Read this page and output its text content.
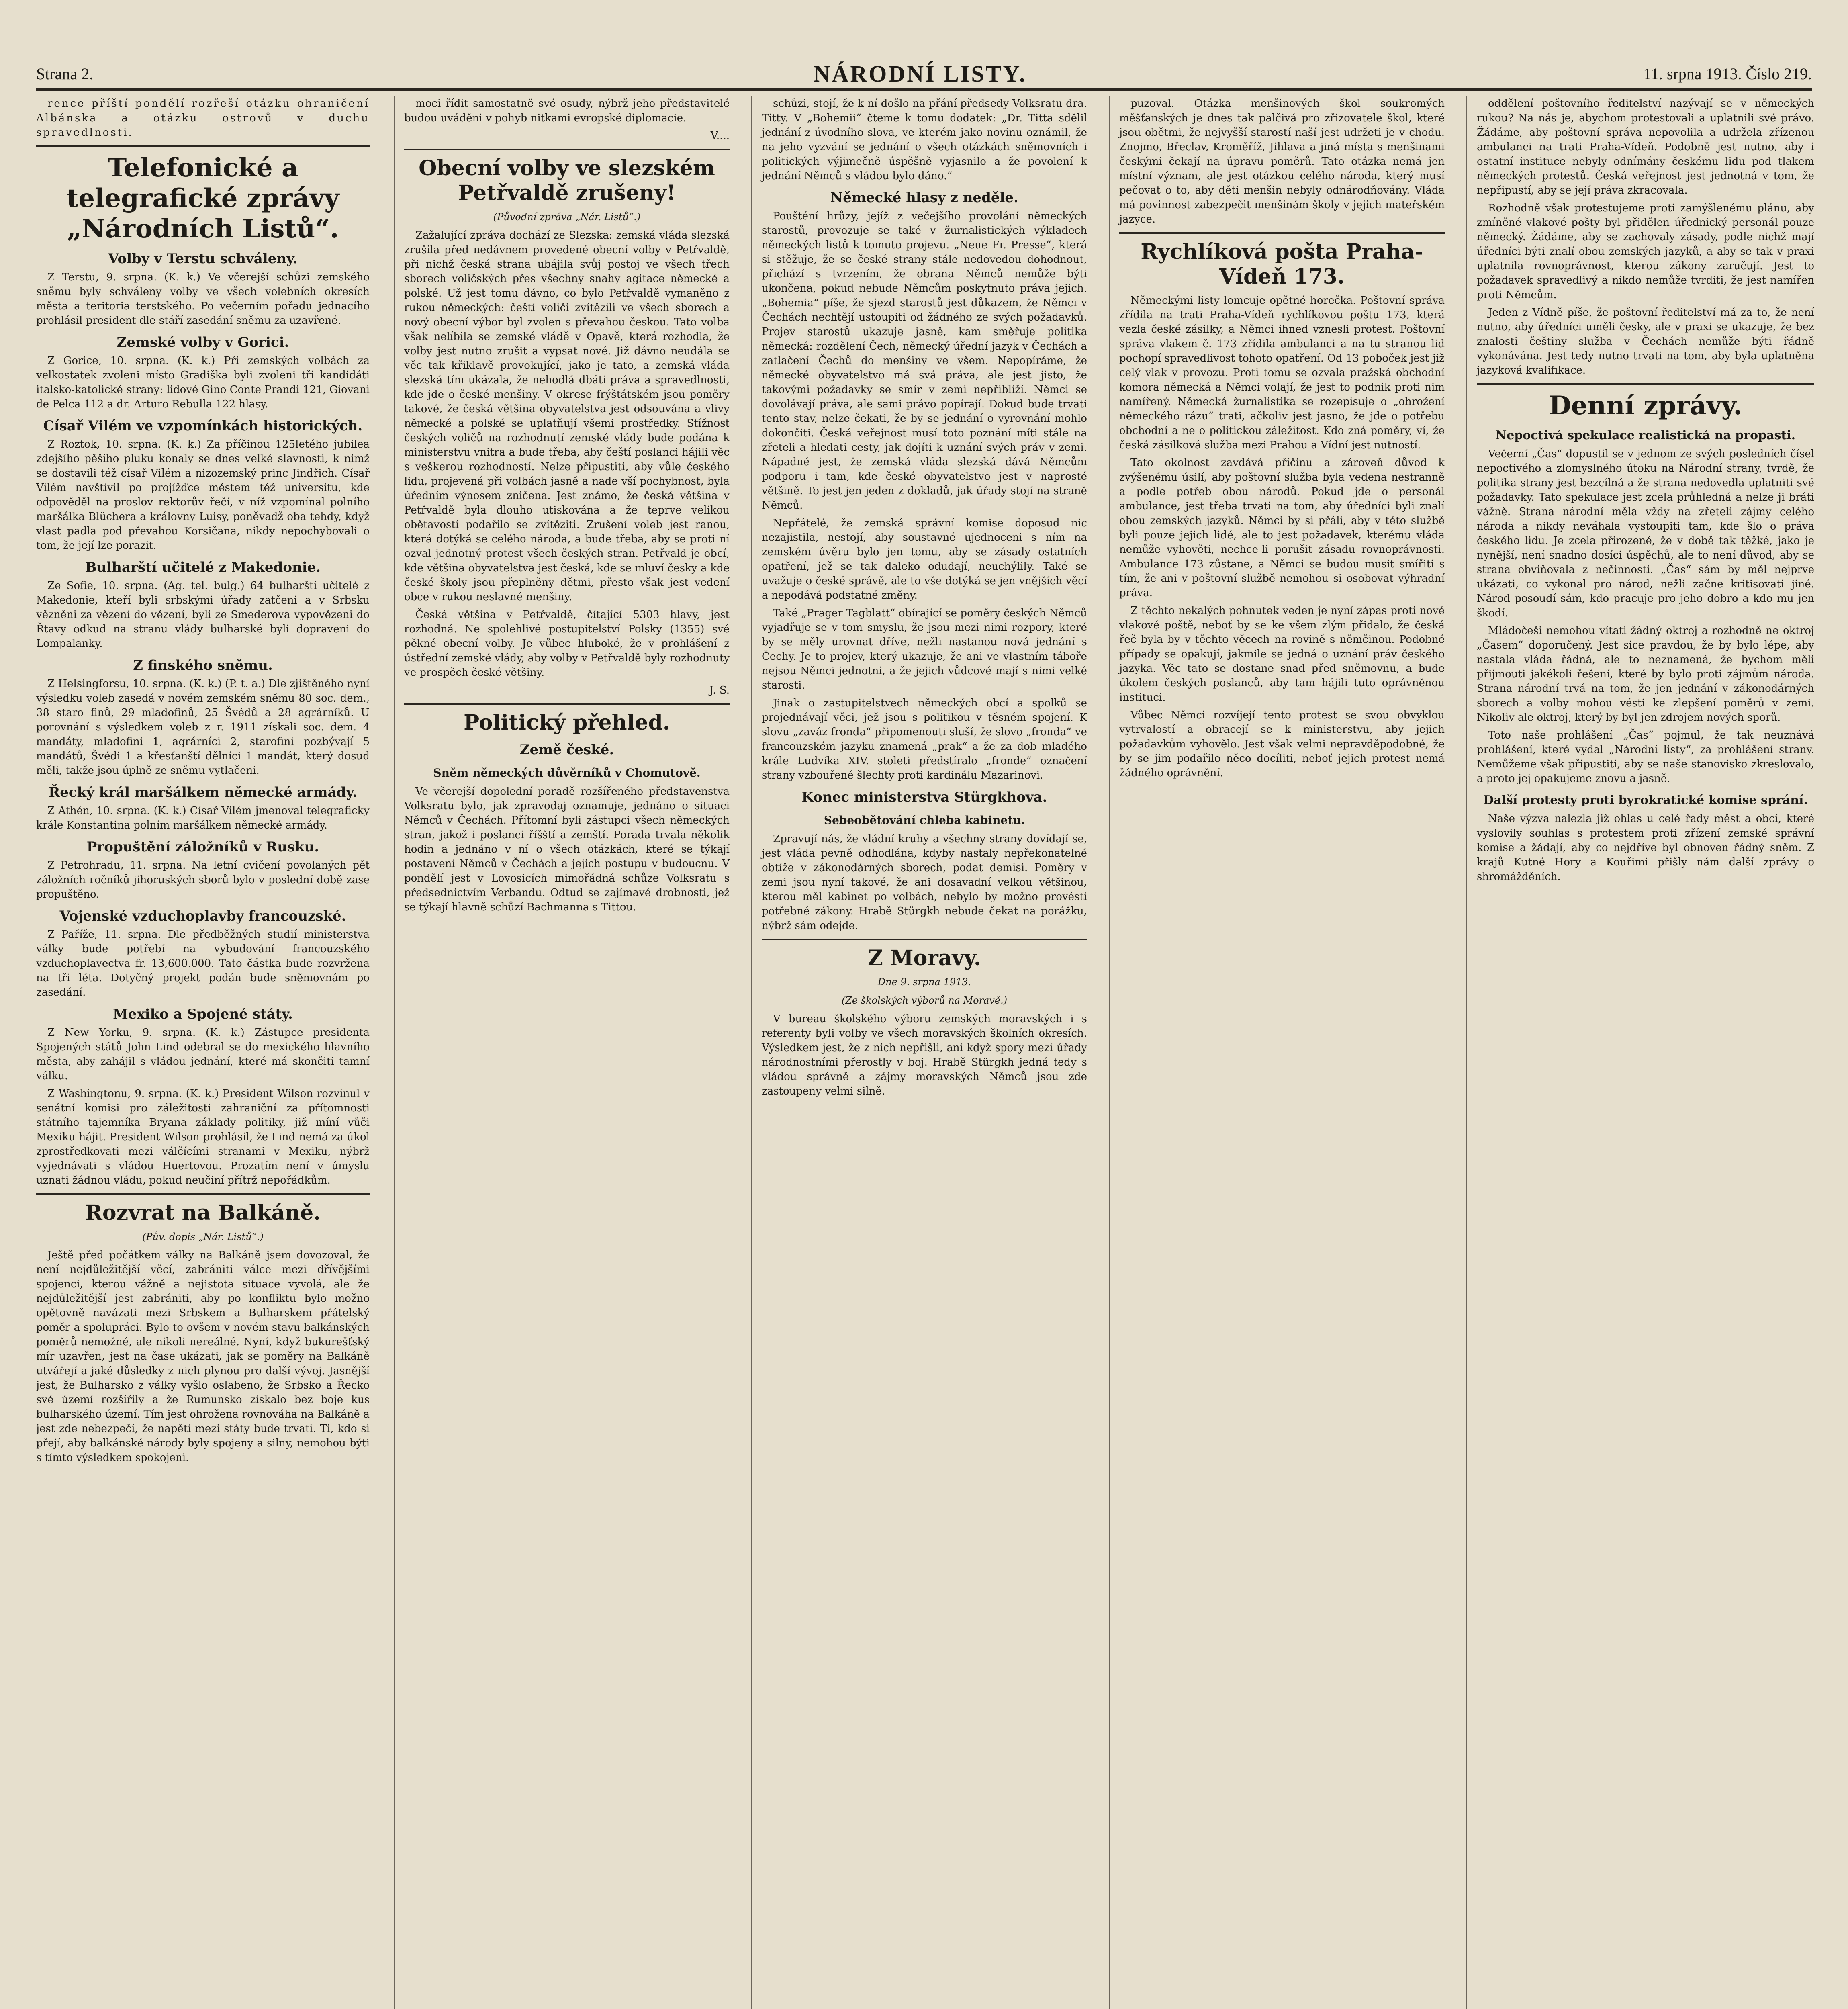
Strana 2.	NÁRODNÍ LISTY.	11. srpna 1913. Číslo 219.

rence příští pondělí rozřeší otázku ohraničení Albánska a otázku ostrovů v duchu spravedlnosti.

Telefonické a telegrafické zprávy „Národních Listů“.
Volby v Terstu schváleny.

Z Terstu, 9. srpna. (K. k.) Ve včerejší schůzi zemského sněmu byly schváleny volby ve všech volebních okresích města a teritoria terstského. Po večerním pořadu jednacího prohlásil president dle stáří zasedání sněmu za uzavřené.

Zemské volby v Gorici.

Z Gorice, 10. srpna. (K. k.) Při zemských volbách za velkostatek zvoleni místo Gradiška byli zvoleni tři kandidáti italsko-katolické strany: lidové Gino Conte Prandi 121, Giovani de Pelca 112 a dr. Arturo Rebulla 122 hlasy.

Císař Vilém ve vzpomínkách historických.

Z Roztok, 10. srpna. (K. k.) Za příčinou 125letého jubilea zdejšího pěšího pluku konaly se dnes velké slavnosti, k nimž se dostavili též císař Vilém a nizozemský princ Jindřich. Císař Vilém navštívil po projížďce městem též universitu, kde odpověděl na proslov rektorův řečí, v níž vzpomínal polního maršálka Blüchera a královny Luisy, poněvadž oba tehdy, když vlast padla pod převahou Korsičana, nikdy nepochybovali o tom, že její lze porazit.

Bulharští učitelé z Makedonie.

Ze Sofie, 10. srpna. (Ag. tel. bulg.) 64 bulharští učitelé z Makedonie, kteří byli srbskými úřady zatčeni a v Srbsku vězněni za vězení do vězení, byli ze Smederova vypovězeni do Řtavy odkud na stranu vlády bulharské byli dopraveni do Lompalanky.

Z finského sněmu.

Z Helsingforsu, 10. srpna. (K. k.) (P. t. a.) Dle zjištěného nyní výsledku voleb zasedá v novém zemském sněmu 80 soc. dem., 38 staro finů, 29 mladofinů, 25 Švédů a 28 agrárníků. U porovnání s výsledkem voleb z r. 1911 získali soc. dem. 4 mandáty, mladofini 1, agrárníci 2, starofini pozbývají 5 mandátů, Švédi 1 a křesťanští dělníci 1 mandát, který dosud měli, takže jsou úplně ze sněmu vytlačeni.

Řecký král maršálkem německé armády.

Z Athén, 10. srpna. (K. k.) Císař Vilém jmenoval telegraficky krále Konstantina polním maršálkem německé armády.

Propuštění záložníků v Rusku.

Z Petrohradu, 11. srpna. Na letní cvičení povolaných pět záložních ročníků jihoruských sborů bylo v poslední době zase propuštěno.

Vojenské vzduchoplavby francouzské.

Z Paříže, 11. srpna. Dle předběžných studií ministerstva války bude potřebí na vybudování francouzského vzduchoplavectva fr. 13,600.000. Tato částka bude rozvržena na tři léta. Dotyčný projekt podán bude sněmovnám po zasedání.

Mexiko a Spojené státy.

Z New Yorku, 9. srpna. (K. k.) Zástupce presidenta Spojených států John Lind odebral se do mexického hlavního města, aby zahájil s vládou jednání, které má skončiti tamní válku.

Z Washingtonu, 9. srpna. (K. k.) President Wilson rozvinul v senátní komisi pro záležitosti zahraniční za přítomnosti státního tajemníka Bryana základy politiky, již míní vůči Mexiku hájit. President Wilson prohlásil, že Lind nemá za úkol zprostředkovati mezi válčícími stranami v Mexiku, nýbrž vyjednávati s vládou Huertovou. Prozatím není v úmyslu uznati žádnou vládu, pokud neučiní přítrž nepořádkům.

Rozvrat na Balkáně.
(Pův. dopis „Nár. Listů“.)

Ještě před počátkem války na Balkáně jsem dovozoval, že není nejdůležitější věcí, zabrániti válce mezi dřívějšími spojenci, kterou vážně a nejistota situace vyvolá, ale že nejdůležitější jest zabrániti, aby po konfliktu bylo možno opětovně navázati mezi Srbskem a Bulharskem přátelský poměr a spolupráci. Bylo to ovšem v novém stavu balkánských poměrů nemožné, ale nikoli nereálné. Nyní, když bukurešťský mír uzavřen, jest na čase ukázati, jak se poměry na Balkáně utvářejí a jaké důsledky z nich plynou pro další vývoj. Jasnější jest, že Bulharsko z války vyšlo oslabeno, že Srbsko a Řecko své území rozšířily a že Rumunsko získalo bez boje kus bulharského území. Tím jest ohrožena rovnováha na Balkáně a jest zde nebezpečí, že napětí mezi státy bude trvati. Ti, kdo si přejí, aby balkánské národy byly spojeny a silny, nemohou býti s tímto výsledkem spokojeni.

moci řídit samostatně své osudy, nýbrž jeho představitelé budou uváděni v pohyb nitkami evropské diplomacie.

V....
Obecní volby ve slezském Petřvaldě zrušeny!
(Původní zpráva „Nár. Listů“.)

Zažalující zpráva dochází ze Slezska: zemská vláda slezská zrušila před nedávnem provedené obecní volby v Petřvaldě, při nichž česká strana ubájila svůj postoj ve všech třech sborech voličských přes všechny snahy agitace německé a polské. Už jest tomu dávno, co bylo Petřvaldě vymaněno z rukou německých: čeští voliči zvítězili ve všech sborech a nový obecní výbor byl zvolen s převahou českou. Tato volba však nelíbila se zemské vládě v Opavě, která rozhodla, že volby jest nutno zrušit a vypsat nové. Již dávno neudála se věc tak křiklavě provokující, jako je tato, a zemská vláda slezská tím ukázala, že nehodlá dbáti práva a spravedlnosti, kde jde o české menšiny. V okrese frýštátském jsou poměry takové, že česká většina obyvatelstva jest odsouvána a vlivy německé a polské se uplatňují všemi prostředky. Stížnost českých voličů na rozhodnutí zemské vlády bude podána k ministerstvu vnitra a bude třeba, aby čeští poslanci hájili věc s veškerou rozhodností. Nelze připustiti, aby vůle českého lidu, projevená při volbách jasně a nade vší pochybnost, byla úředním výnosem zničena. Jest známo, že česká většina v Petřvaldě byla dlouho utiskována a že teprve velikou obětavostí podařilo se zvítěziti. Zrušení voleb jest ranou, která dotýká se celého národa, a bude třeba, aby se proti ní ozval jednotný protest všech českých stran. Petřvald je obcí, kde většina obyvatelstva jest česká, kde se mluví česky a kde české školy jsou přeplněny dětmi, přesto však jest vedení obce v rukou neslavné menšiny.

Česká většina v Petřvaldě, čítající 5303 hlavy, jest rozhodná. Ne spolehlivé postupitelství Polsky (1355) své pěkné obecní volby. Je vůbec hluboké, že v prohlášení z ústřední zemské vlády, aby volby v Petřvaldě byly rozhodnuty ve prospěch české většiny.

J. S.
Politický přehled.
Země české.
Sněm německých důvěrníků v Chomutově.

Ve včerejší dopolední poradě rozšířeného představenstva Volksratu bylo, jak zpravodaj oznamuje, jednáno o situaci Němců v Čechách. Přítomní byli zástupci všech německých stran, jakož i poslanci říšští a zemští. Porada trvala několik hodin a jednáno v ní o všech otázkách, které se týkají postavení Němců v Čechách a jejich postupu v budoucnu. V pondělí jest v Lovosicích mimořádná schůze Volksratu s předsednictvím Verbandu. Odtud se zajímavé drobnosti, jež se týkají hlavně schůzí Bachmanna s Tittou.

schůzi, stojí, že k ní došlo na přání předsedy Volksratu dra. Titty. V „Bohemii“ čteme k tomu dodatek: „Dr. Titta sdělil jednání z úvodního slova, ve kterém jako novinu oznámil, že na jeho vyzvání se jednání o všech otázkách sněmovních i politických výjimečně úspěšně vyjasnilo a že povolení k jednání Němců s vládou bylo dáno.“

Německé hlasy z neděle.

Poušténí hrůzy, jejíž z večejšího provolání německých starostů, provozuje se také v žurnalistických výkladech německých listů k tomuto projevu. „Neue Fr. Presse“, která si stěžuje, že se české strany stále nedovedou dohodnout, přichází s tvrzením, že obrana Němců nemůže býti ukončena, pokud nebude Němcům poskytnuto práva jejich. „Bohemia“ píše, že sjezd starostů jest důkazem, že Němci v Čechách nechtějí ustoupiti od žádného ze svých požadavků. Projev starostů ukazuje jasně, kam směřuje politika německá: rozdělení Čech, německý úřední jazyk v Čechách a zatlačení Čechů do menšiny ve všem. Nepopíráme, že německé obyvatelstvo má svá práva, ale jest jisto, že takovými požadavky se smír v zemi nepřiblíží. Němci se dovolávají práva, ale sami právo popírají. Dokud bude trvati tento stav, nelze čekati, že by se jednání o vyrovnání mohlo dokončiti. Česká veřejnost musí toto poznání míti stále na zřeteli a hledati cesty, jak dojíti k uznání svých práv v zemi. Nápadné jest, že zemská vláda slezská dává Němcům podporu i tam, kde české obyvatelstvo jest v naprosté většině. To jest jen jeden z dokladů, jak úřady stojí na straně Němců.

Nepřátelé, že zemská správní komise doposud nic nezajistila, nestojí, aby soustavné ujednoceni s ním na zemském úvěru bylo jen tomu, aby se zásady ostatních opatření, jež se tak daleko odudají, neuchýlily. Také se uvažuje o české správě, ale to vše dotýká se jen vnějších věcí a nepodává podstatné změny.

Také „Prager Tagblatt“ obírající se poměry českých Němců vyjadřuje se v tom smyslu, že jsou mezi nimi rozpory, které by se měly urovnat dříve, nežli nastanou nová jednání s Čechy. Je to projev, který ukazuje, že ani ve vlastním táboře nejsou Němci jednotni, a že jejich vůdcové mají s nimi velké starosti.

Jinak o zastupitelstvech německých obcí a spolků se projednávají věci, jež jsou s politikou v těsném spojení. K slovu „zaváz fronda“ připomenouti sluší, že slovo „fronda“ ve francouzském jazyku znamená „prak“ a že za dob mladého krále Ludvíka XIV. stoleti předstíralo „fronde“ označení strany vzbouřené šlechty proti kardinálu Mazarinovi.

Konec ministerstva Stürgkhova.
Sebeobětování chleba kabinetu.

Zpravují nás, že vládní kruhy a všechny strany dovídají se, jest vláda pevně odhodlána, kdyby nastaly nepřekonatelné obtíže v zákonodárných sborech, podat demisi. Poměry v zemi jsou nyní takové, že ani dosavadní velkou většinou, kterou měl kabinet po volbách, nebylo by možno provésti potřebné zákony. Hrabě Stürgkh nebude čekat na porážku, nýbrž sám odejde.

Z Moravy.
Dne 9. srpna 1913.
(Ze školských výborů na Moravě.)

V bureau školského výboru zemských moravských i s referenty byli volby ve všech moravských školních okresích. Výsledkem jest, že z nich nepřišli, ani když spory mezi úřady národnostními přerostly v boj. Hrabě Stürgkh jedná tedy s vládou správně a zájmy moravských Němců jsou zde zastoupeny velmi silně.

puzoval. Otázka menšinových škol soukromých měšťanských je dnes tak palčivá pro zřizovatele škol, které jsou obětmi, že nejvyšší starostí naší jest udržeti je v chodu. Znojmo, Břeclav, Kroměříž, Jihlava a jiná místa s menšinami českými čekají na úpravu poměrů. Tato otázka nemá jen místní význam, ale jest otázkou celého národa, který musí pečovat o to, aby děti menšin nebyly odnárodňovány. Vláda má povinnost zabezpečit menšinám školy v jejich mateřském jazyce.

Rychlíková pošta Praha-Vídeň 173.

Německými listy lomcuje opětné horečka. Poštovní správa zřídila na trati Praha-Vídeň rychlíkovou poštu 173, která vezla české zásilky, a Němci ihned vznesli protest. Poštovní správa vlakem č. 173 zřídila ambulanci a na tu stranou lid pochopí spravedlivost tohoto opatření. Od 13 poboček jest již celý vlak v provozu. Proti tomu se ozvala pražská obchodní komora německá a Němci volají, že jest to podnik proti nim namířený. Německá žurnalistika se rozepisuje o „ohrožení německého rázu“ trati, ačkoliv jest jasno, že jde o potřebu obchodní a ne o politickou záležitost. Kdo zná poměry, ví, že česká zásilková služba mezi Prahou a Vídní jest nutností.

Tato okolnost zavdává příčinu a zároveň důvod k zvýšenému úsilí, aby poštovní služba byla vedena nestranně a podle potřeb obou národů. Pokud jde o personál ambulance, jest třeba trvati na tom, aby úředníci byli znalí obou zemských jazyků. Němci by si přáli, aby v této službě byli pouze jejich lidé, ale to jest požadavek, kterému vláda nemůže vyhověti, nechce-li porušit zásadu rovnoprávnosti. Ambulance 173 zůstane, a Němci se budou musit smířiti s tím, že ani v poštovní službě nemohou si osobovat výhradní práva.

Z těchto nekalých pohnutek veden je nyní zápas proti nové vlakové poště, neboť by se ke všem zlým přidalo, že česká řeč byla by v těchto věcech na rovině s němčinou. Podobné případy se opakují, jakmile se jedná o uznání práv českého jazyka. Věc tato se dostane snad před sněmovnu, a bude úkolem českých poslanců, aby tam hájili tuto oprávněnou instituci.

Vůbec Němci rozvíjejí tento protest se svou obvyklou vytrvalostí a obracejí se k ministerstvu, aby jejich požadavkům vyhovělo. Jest však velmi nepravděpodobné, že by se jim podařilo něco docíliti, neboť jejich protest nemá žádného oprávnění.

oddělení poštovního ředitelství nazývají se v německých rukou? Na nás je, abychom protestovali a uplatnili své právo. Žádáme, aby poštovní správa nepovolila a udržela zřízenou ambulanci na trati Praha-Vídeň. Podobně jest nutno, aby i ostatní instituce nebyly odnímány českému lidu pod tlakem německých protestů. Česká veřejnost jest jednotná v tom, že nepřipustí, aby se její práva zkracovala.

Rozhodně však protestujeme proti zamýšlenému plánu, aby zmíněné vlakové pošty byl přidělen úřednický personál pouze německý. Žádáme, aby se zachovaly zásady, podle nichž mají úředníci býti znalí obou zemských jazyků, a aby se tak v praxi uplatnila rovnoprávnost, kterou zákony zaručují. Jest to požadavek spravedlivý a nikdo nemůže tvrditi, že jest namířen proti Němcům.

Jeden z Vídně píše, že poštovní ředitelství má za to, že není nutno, aby úředníci uměli česky, ale v praxi se ukazuje, že bez znalosti češtiny služba v Čechách nemůže býti řádně vykonávána. Jest tedy nutno trvati na tom, aby byla uplatněna jazyková kvalifikace.

Denní zprávy.
Nepoctivá spekulace realistická na propasti.

Večerní „Čas“ dopustil se v jednom ze svých posledních čísel nepoctivého a zlomyslného útoku na Národní strany, tvrdě, že politika strany jest bezcílná a že strana nedovedla uplatniti své požadavky. Tato spekulace jest zcela průhledná a nelze ji bráti vážně. Strana národní měla vždy na zřeteli zájmy celého národa a nikdy neváhala vystoupiti tam, kde šlo o práva českého lidu. Je zcela přirozené, že v době tak těžké, jako je nynější, není snadno dosíci úspěchů, ale to není důvod, aby se strana obviňovala z nečinnosti. „Čas“ sám by měl nejprve ukázati, co vykonal pro národ, nežli začne kritisovati jiné. Národ posoudí sám, kdo pracuje pro jeho dobro a kdo mu jen škodí.

Mládočeši nemohou vítati žádný oktroj a rozhodně ne oktroj „Časem“ doporučený. Jest sice pravdou, že by bylo lépe, aby nastala vláda řádná, ale to neznamená, že bychom měli přijmouti jakékoli řešení, které by bylo proti zájmům národa. Strana národní trvá na tom, že jen jednání v zákonodárných sborech a volby mohou vésti ke zlepšení poměrů v zemi. Nikoliv ale oktroj, který by byl jen zdrojem nových sporů.

Toto naše prohlášení „Čas“ pojmul, že tak neuznává prohlášení, které vydal „Národní listy“, za prohlášení strany. Nemůžeme však připustiti, aby se naše stanovisko zkreslovalo, a proto jej opakujeme znovu a jasně.

Další protesty proti byrokratické komise sprání.

Naše výzva nalezla již ohlas u celé řady měst a obcí, které vyslovily souhlas s protestem proti zřízení zemské správní komise a žádají, aby co nejdříve byl obnoven řádný sněm. Z krajů Kutné Hory a Kouřimi přišly nám další zprávy o shromážděních.
